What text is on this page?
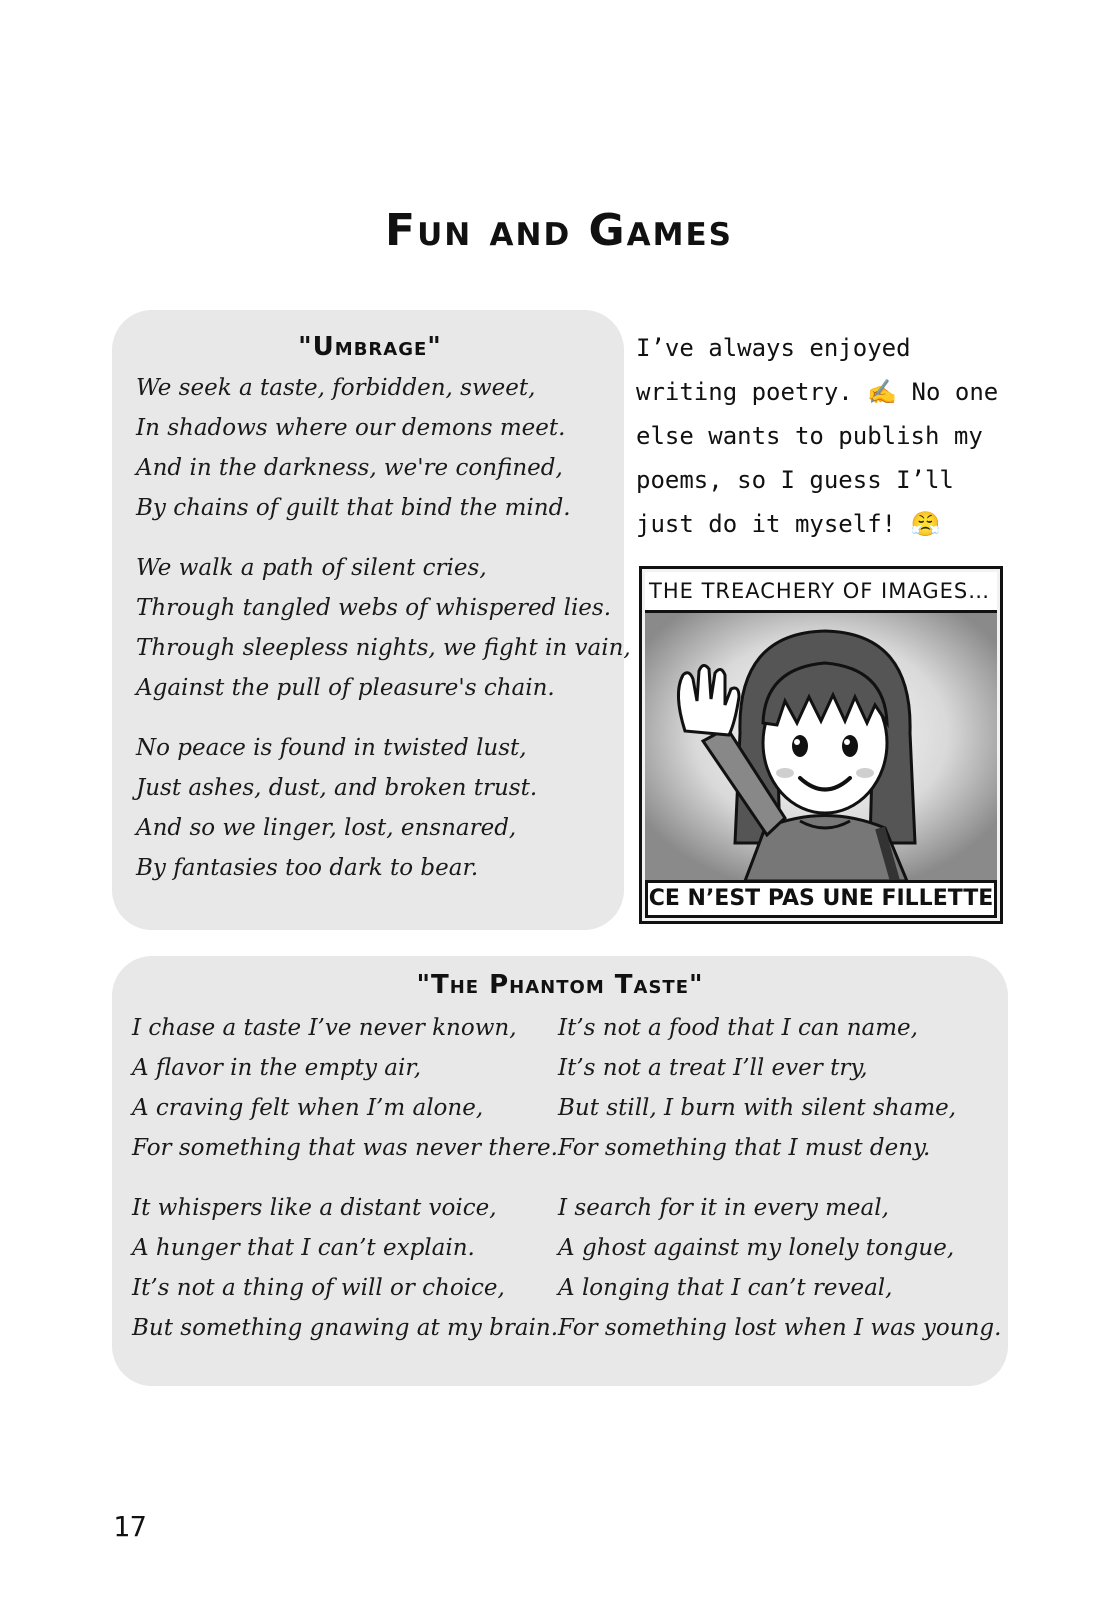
Fun and Games
"Umbrage"
We seek a taste, forbidden, sweet,
In shadows where our demons meet.
And in the darkness, we're confined,
By chains of guilt that bind the mind.
We walk a path of silent cries,
Through tangled webs of whispered lies.
Through sleepless nights, we fight in vain,
Against the pull of pleasure's chain.
No peace is found in twisted lust,
Just ashes, dust, and broken trust.
And so we linger, lost, ensnared,
By fantasies too dark to bear.
I’ve always enjoyed writing poetry. ✍️ No one else wants to publish my poems, so I guess I’ll just do it myself! 😤
THE TREACHERY OF IMAGES…
CE N’EST PAS UNE FILLETTE
"The Phantom Taste"
I chase a taste I’ve never known,
A flavor in the empty air,
A craving felt when I’m alone,
For something that was never there.
It whispers like a distant voice,
A hunger that I can’t explain.
It’s not a thing of will or choice,
But something gnawing at my brain.
It’s not a food that I can name,
It’s not a treat I’ll ever try,
But still, I burn with silent shame,
For something that I must deny.
I search for it in every meal,
A ghost against my lonely tongue,
A longing that I can’t reveal,
For something lost when I was young.
17
